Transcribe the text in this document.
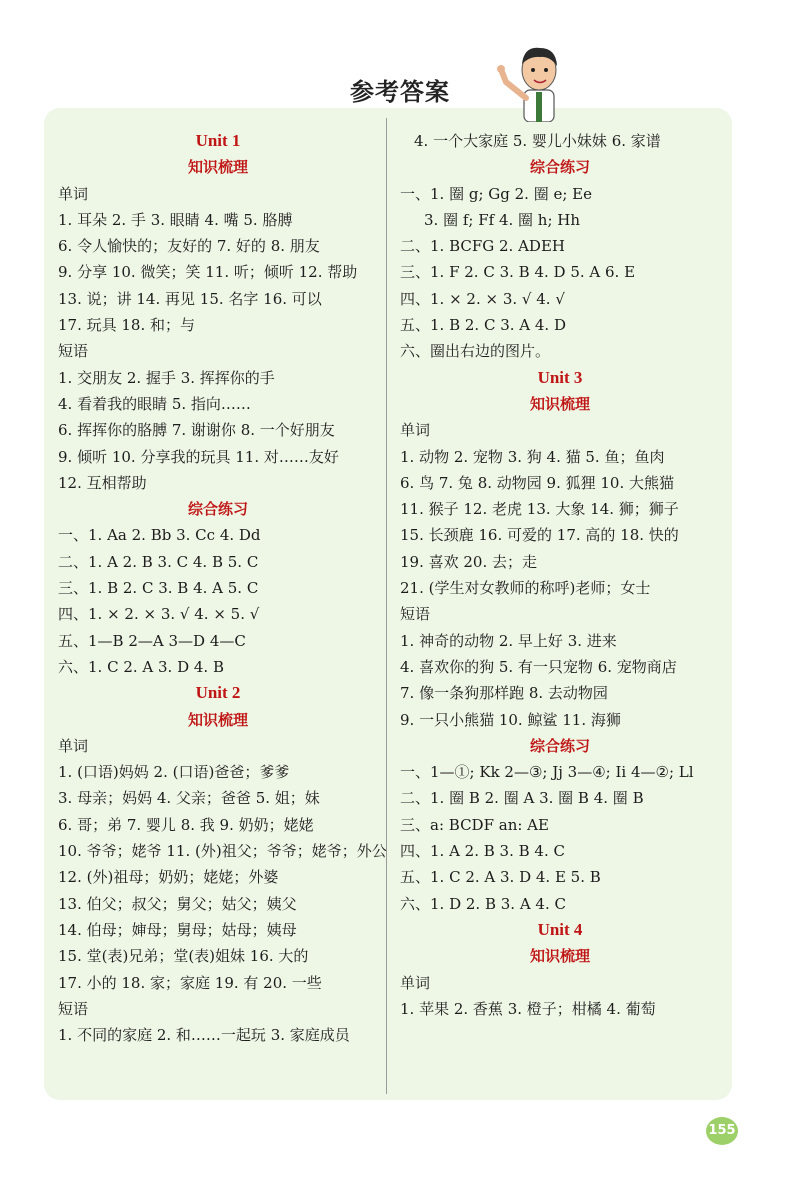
参考答案
Unit 1
知识梳理
单词
1. 耳朵 2. 手 3. 眼睛 4. 嘴 5. 胳膊
6. 令人愉快的；友好的 7. 好的 8. 朋友
9. 分享 10. 微笑；笑 11. 听；倾听 12. 帮助
13. 说；讲 14. 再见 15. 名字 16. 可以
17. 玩具 18. 和；与
短语
1. 交朋友 2. 握手 3. 挥挥你的手
4. 看着我的眼睛 5. 指向……
6. 挥挥你的胳膊 7. 谢谢你 8. 一个好朋友
9. 倾听 10. 分享我的玩具 11. 对……友好
12. 互相帮助
综合练习
一、1. Aa 2. Bb 3. Cc 4. Dd
二、1. A 2. B 3. C 4. B 5. C
三、1. B 2. C 3. B 4. A 5. C
四、1. × 2. × 3. √ 4. × 5. √
五、1—B 2—A 3—D 4—C
六、1. C 2. A 3. D 4. B
Unit 2
知识梳理
单词
1. (口语)妈妈 2. (口语)爸爸；爹爹
3. 母亲；妈妈 4. 父亲；爸爸 5. 姐；妹
6. 哥；弟 7. 婴儿 8. 我 9. 奶奶；姥姥
10. 爷爷；姥爷 11. (外)祖父；爷爷；姥爷；外公
12. (外)祖母；奶奶；姥姥；外婆
13. 伯父；叔父；舅父；姑父；姨父
14. 伯母；婶母；舅母；姑母；姨母
15. 堂(表)兄弟；堂(表)姐妹 16. 大的
17. 小的 18. 家；家庭 19. 有 20. 一些
短语
1. 不同的家庭 2. 和……一起玩 3. 家庭成员
4. 一个大家庭 5. 婴儿小妹妹 6. 家谱
综合练习
一、1. 圈 g; Gg 2. 圈 e; Ee
3. 圈 f; Ff 4. 圈 h; Hh
二、1. BCFG 2. ADEH
三、1. F 2. C 3. B 4. D 5. A 6. E
四、1. × 2. × 3. √ 4. √
五、1. B 2. C 3. A 4. D
六、圈出右边的图片。
Unit 3
知识梳理
单词
1. 动物 2. 宠物 3. 狗 4. 猫 5. 鱼；鱼肉
6. 鸟 7. 兔 8. 动物园 9. 狐狸 10. 大熊猫
11. 猴子 12. 老虎 13. 大象 14. 狮；狮子
15. 长颈鹿 16. 可爱的 17. 高的 18. 快的
19. 喜欢 20. 去；走
21. (学生对女教师的称呼)老师；女士
短语
1. 神奇的动物 2. 早上好 3. 进来
4. 喜欢你的狗 5. 有一只宠物 6. 宠物商店
7. 像一条狗那样跑 8. 去动物园
9. 一只小熊猫 10. 鲸鲨 11. 海狮
综合练习
一、1—①; Kk 2—③; Jj 3—④; Ii 4—②; Ll
二、1. 圈 B 2. 圈 A 3. 圈 B 4. 圈 B
三、a: BCDF an: AE
四、1. A 2. B 3. B 4. C
五、1. C 2. A 3. D 4. E 5. B
六、1. D 2. B 3. A 4. C
Unit 4
知识梳理
单词
1. 苹果 2. 香蕉 3. 橙子；柑橘 4. 葡萄
155
